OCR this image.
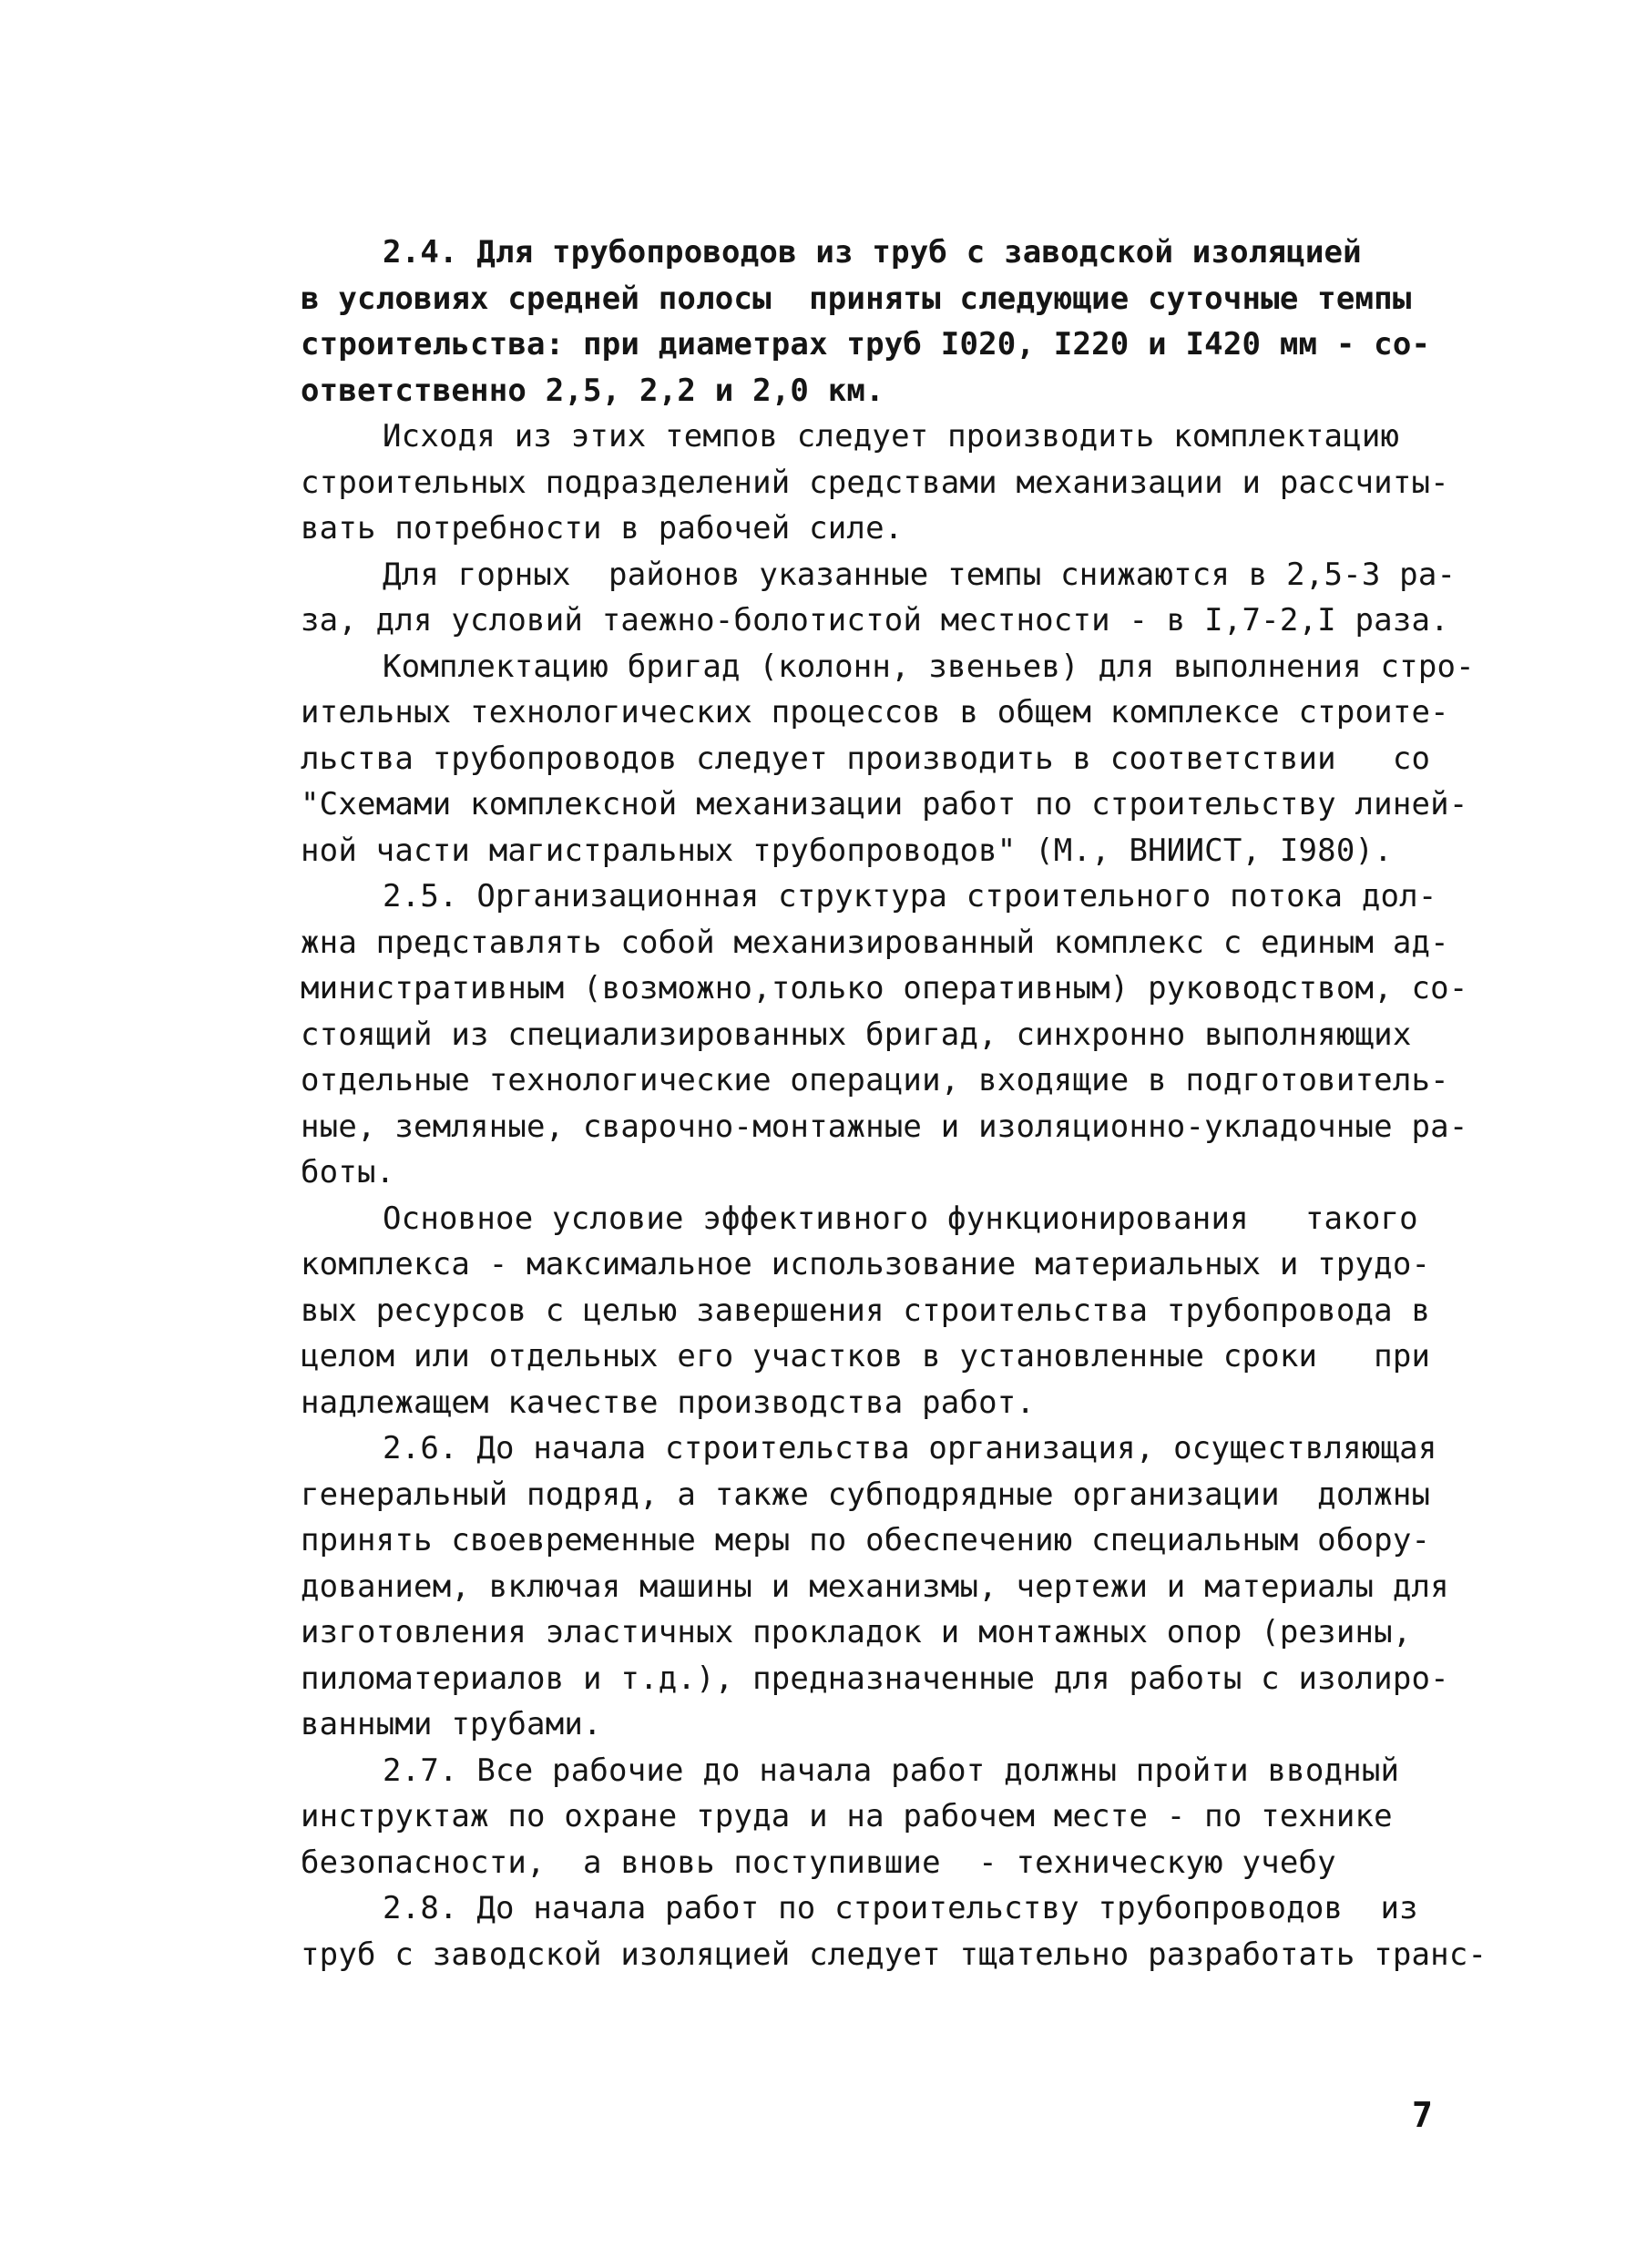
2.4. Для трубопроводов из труб с заводской изоляцией
в условиях средней полосы  приняты следующие суточные темпы
строительства: при диаметрах труб I020, I220 и I420 мм - со-
ответственно 2,5, 2,2 и 2,0 км.
Исходя из этих темпов следует производить комплектацию
строительных подразделений средствами механизации и рассчиты-
вать потребности в рабочей силе.
Для горных  районов указанные темпы снижаются в 2,5-3 ра-
за, для условий таежно-болотистой местности - в I,7-2,I раза.
Комплектацию бригад (колонн, звеньев) для выполнения стро-
ительных технологических процессов в общем комплексе строите-
льства трубопроводов следует производить в соответствии   со
"Схемами комплексной механизации работ по строительству линей-
ной части магистральных трубопроводов" (М., ВНИИСТ, I980).
2.5. Организационная структура строительного потока дол-
жна представлять собой механизированный комплекс с единым ад-
министративным (возможно,только оперативным) руководством, со-
стоящий из специализированных бригад, синхронно выполняющих
отдельные технологические операции, входящие в подготовитель-
ные, земляные, сварочно-монтажные и изоляционно-укладочные ра-
боты.
Основное условие эффективного функционирования   такого
комплекса - максимальное использование материальных и трудо-
вых ресурсов с целью завершения строительства трубопровода в
целом или отдельных его участков в установленные сроки   при
надлежащем качестве производства работ.
2.6. До начала строительства организация, осуществляющая
генеральный подряд, а также субподрядные организации  должны
принять своевременные меры по обеспечению специальным обору-
дованием, включая машины и механизмы, чертежи и материалы для
изготовления эластичных прокладок и монтажных опор (резины,
пиломатериалов и т.д.), предназначенные для работы с изолиро-
ванными трубами.
2.7. Все рабочие до начала работ должны пройти вводный
инструктаж по охране труда и на рабочем месте - по технике
безопасности,  а вновь поступившие  - техническую учебу
2.8. До начала работ по строительству трубопроводов  из
труб с заводской изоляцией следует тщательно разработать транс-
7
